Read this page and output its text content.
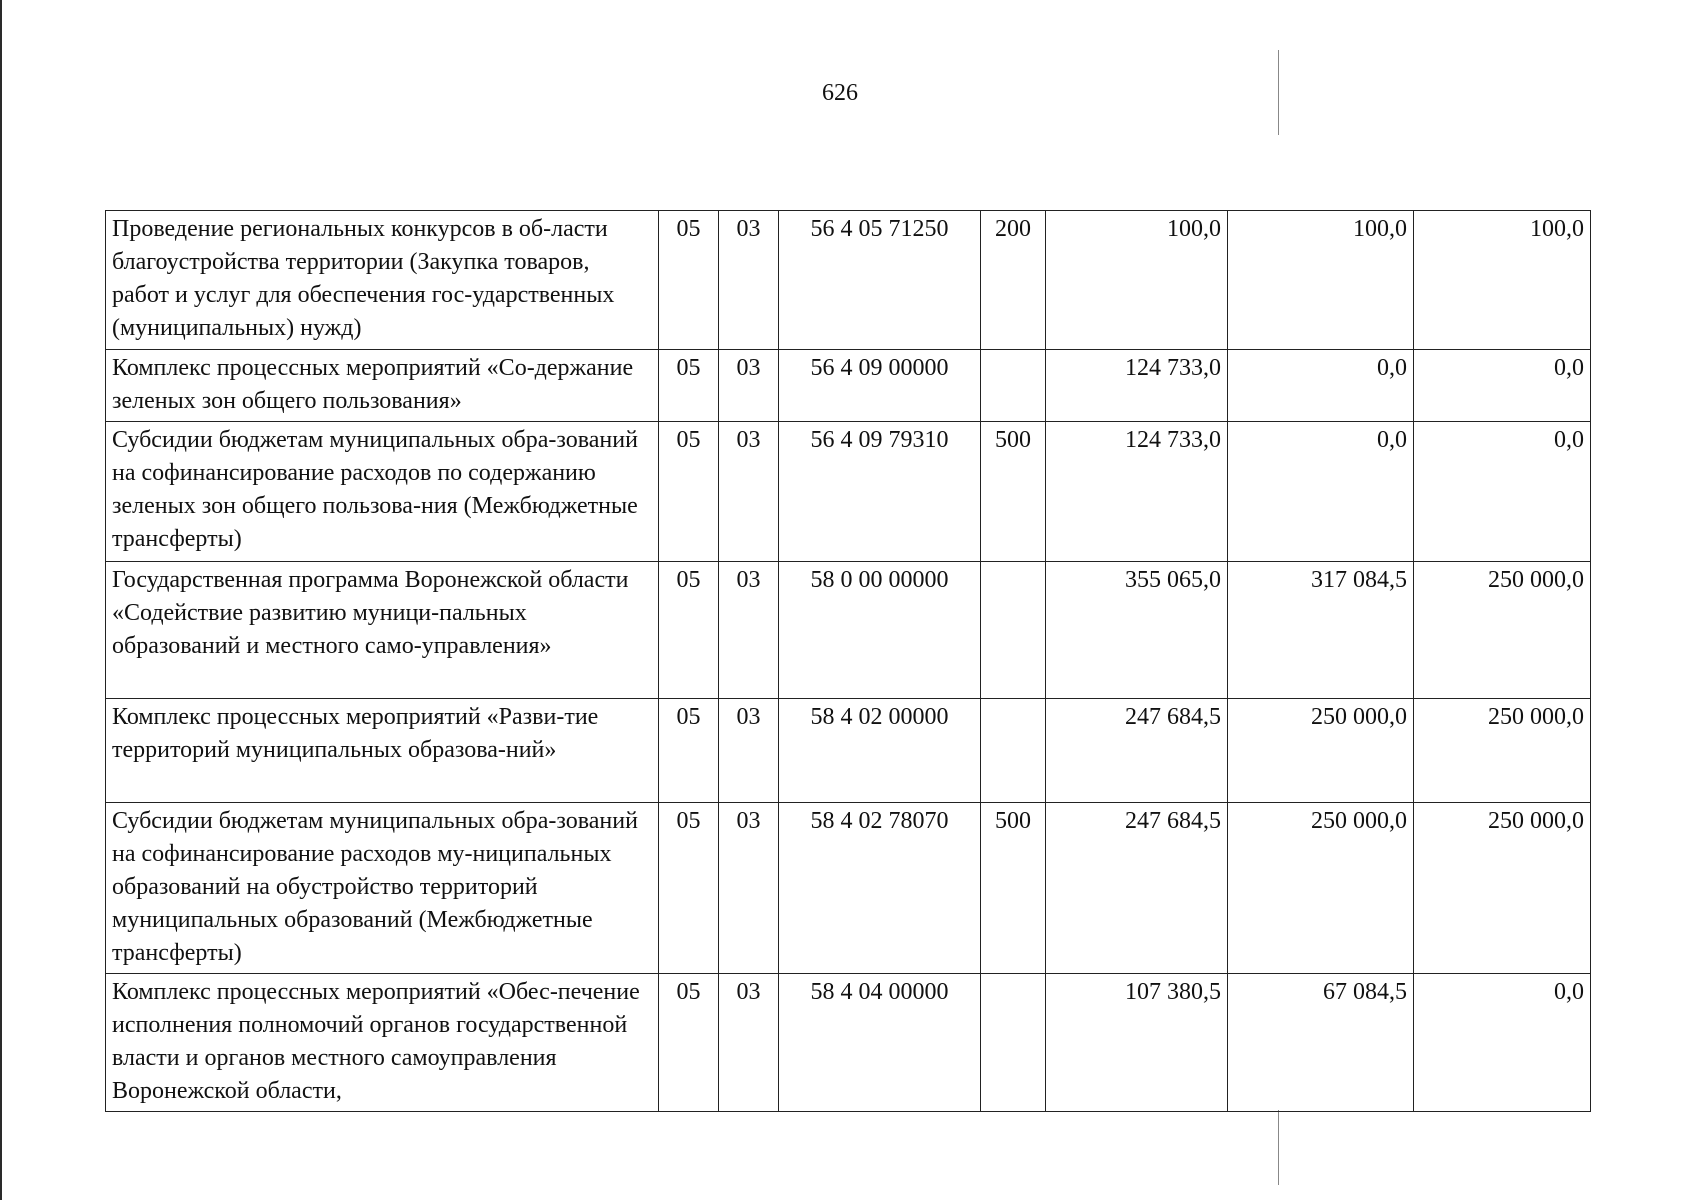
626
Проведение региональных конкурсов в об-ласти благоустройства территории (Закупка товаров, работ и услуг для обеспечения гос-ударственных (муниципальных) нужд)	05	03	56 4 05 71250	200	100,0	100,0	100,0
Комплекс процессных мероприятий «Со-держание зеленых зон общего пользования»	05	03	56 4 09 00000		124 733,0	0,0	0,0
Субсидии бюджетам муниципальных обра-зований на софинансирование расходов по содержанию зеленых зон общего пользова-ния (Межбюджетные трансферты)	05	03	56 4 09 79310	500	124 733,0	0,0	0,0
Государственная программа Воронежской области «Содействие развитию муници-пальных образований и местного само-управления»	05	03	58 0 00 00000		355 065,0	317 084,5	250 000,0
Комплекс процессных мероприятий «Разви-тие территорий муниципальных образова-ний»	05	03	58 4 02 00000		247 684,5	250 000,0	250 000,0
Субсидии бюджетам муниципальных обра-зований на софинансирование расходов му-ниципальных образований на обустройство территорий муниципальных образований (Межбюджетные трансферты)	05	03	58 4 02 78070	500	247 684,5	250 000,0	250 000,0
Комплекс процессных мероприятий «Обес-печение исполнения полномочий органов государственной власти и органов местного самоуправления Воронежской области,	05	03	58 4 04 00000		107 380,5	67 084,5	0,0
